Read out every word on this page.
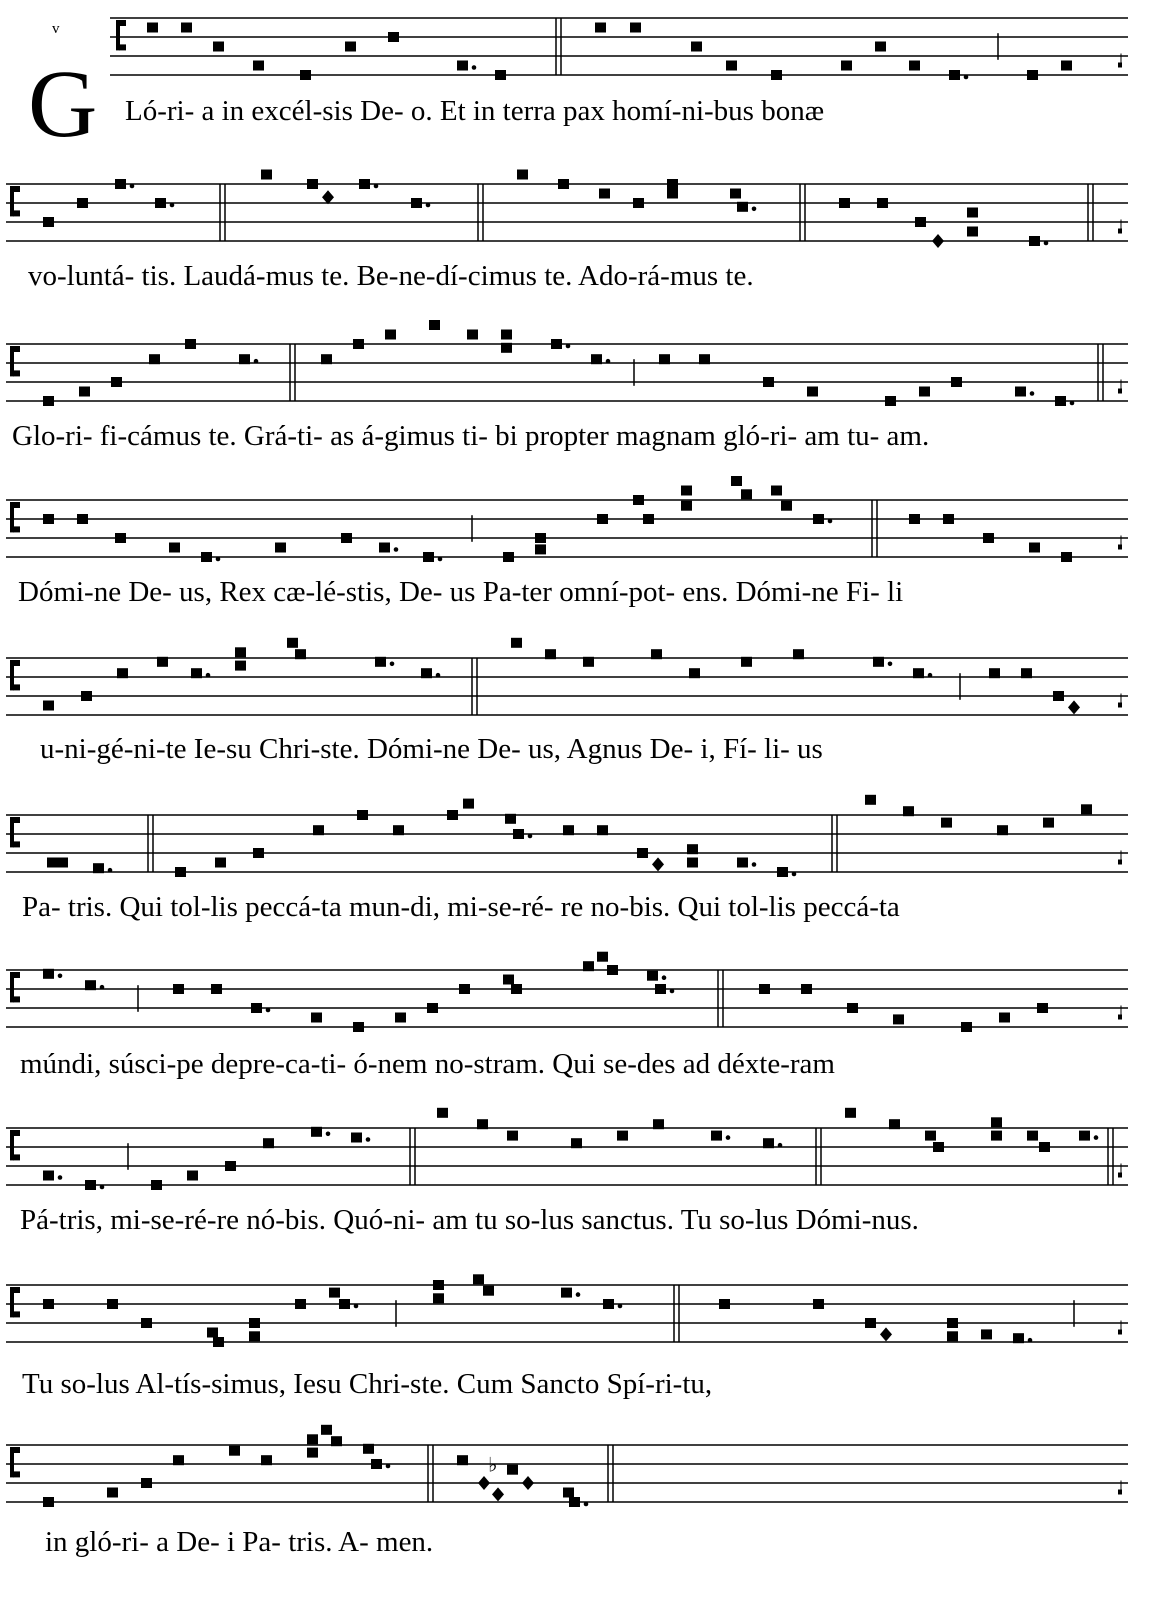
♭
v
G Ló-ri- a in excél-sis De- o. Et in terra pax homí-ni-bus bonæ
vo-luntá- tis. Laudá-mus te. Be-ne-dí-cimus te. Ado-rá-mus te.
Glo-ri- fi-cámus te. Grá-ti- as á-gimus ti- bi propter magnam gló-ri- am tu- am.
Dómi-ne De- us, Rex cæ-lé-stis, De- us Pa-ter omní-pot- ens. Dómi-ne Fi- li
u-ni-gé-ni-te Ie-su Chri-ste. Dómi-ne De- us, Agnus De- i, Fí- li- us
Pa- tris. Qui tol-lis peccá-ta mun-di, mi-se-ré- re no-bis. Qui tol-lis peccá-ta
múndi, súsci-pe depre-ca-ti- ó-nem no-stram. Qui se-des ad déxte-ram
Pá-tris, mi-se-ré-re nó-bis. Quó-ni- am tu so-lus sanctus. Tu so-lus Dómi-nus.
Tu so-lus Al-tís-simus, Iesu Chri-ste. Cum Sancto Spí-ri-tu,
in gló-ri- a De- i Pa- tris. A- men.
